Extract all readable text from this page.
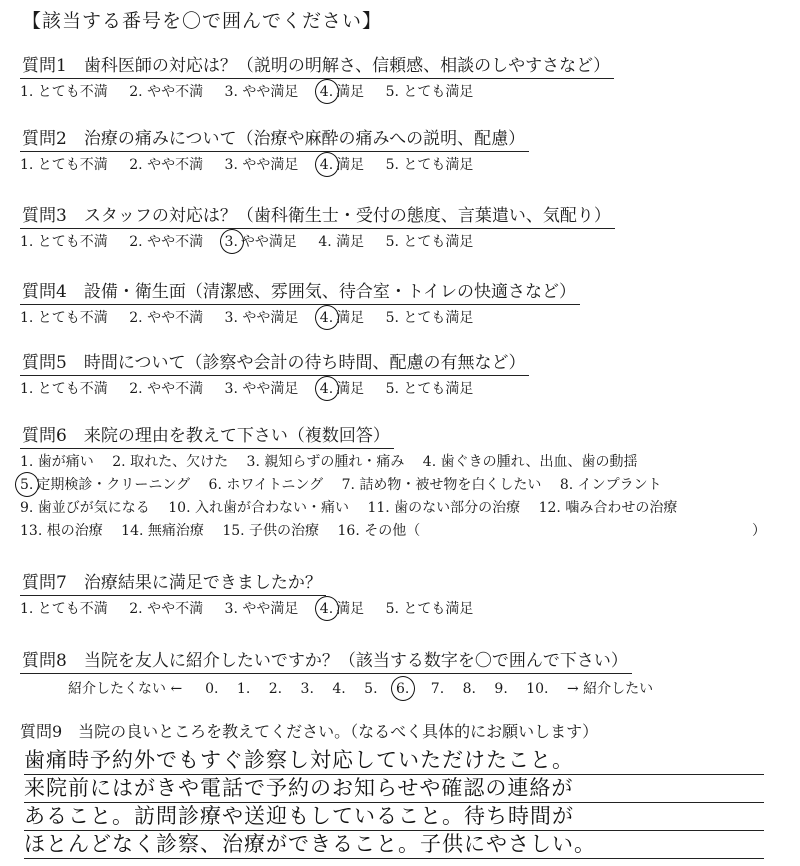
【該当する番号を〇で囲んでください】
質問1　歯科医師の対応は？（説明の明解さ、信頼感、相談のしやすさなど）
1. とても不満 2. やや不満 3. やや満足 4. 満足 5. とても満足
質問2　治療の痛みについて（治療や麻酔の痛みへの説明、配慮）
1. とても不満 2. やや不満 3. やや満足 4. 満足 5. とても満足
質問3　スタッフの対応は？（歯科衛生士・受付の態度、言葉遣い、気配り）
1. とても不満 2. やや不満 3. やや満足 4. 満足 5. とても満足
質問4　設備・衛生面（清潔感、雰囲気、待合室・トイレの快適さなど）
1. とても不満 2. やや不満 3. やや満足 4. 満足 5. とても満足
質問5　時間について（診察や会計の待ち時間、配慮の有無など）
1. とても不満 2. やや不満 3. やや満足 4. 満足 5. とても満足
質問6　来院の理由を教えて下さい（複数回答）
1. 歯が痛い 2. 取れた、欠けた 3. 親知らずの腫れ・痛み 4. 歯ぐきの腫れ、出血、歯の動揺
5. 定期検診・クリーニング 6. ホワイトニング 7. 詰め物・被せ物を白くしたい 8. インプラント
9. 歯並びが気になる 10. 入れ歯が合わない・痛い 11. 歯のない部分の治療 12. 噛み合わせの治療
13. 根の治療 14. 無痛治療 15. 子供の治療 16. その他（	）
質問7　治療結果に満足できましたか？
1. とても不満 2. やや不満 3. やや満足 4. 満足 5. とても満足
質問8　当院を友人に紹介したいですか？（該当する数字を〇で囲んで下さい）
紹介したくない ← 0. 1. 2. 3. 4. 5. 6. 7. 8. 9. 10. → 紹介したい
質問9　当院の良いところを教えてください。（なるべく具体的にお願いします）
歯痛時予約外でもすぐ診察し対応していただけたこと。
来院前にはがきや電話で予約のお知らせや確認の連絡が
あること。訪問診療や送迎もしていること。待ち時間が
ほとんどなく診察、治療ができること。子供にやさしい。
